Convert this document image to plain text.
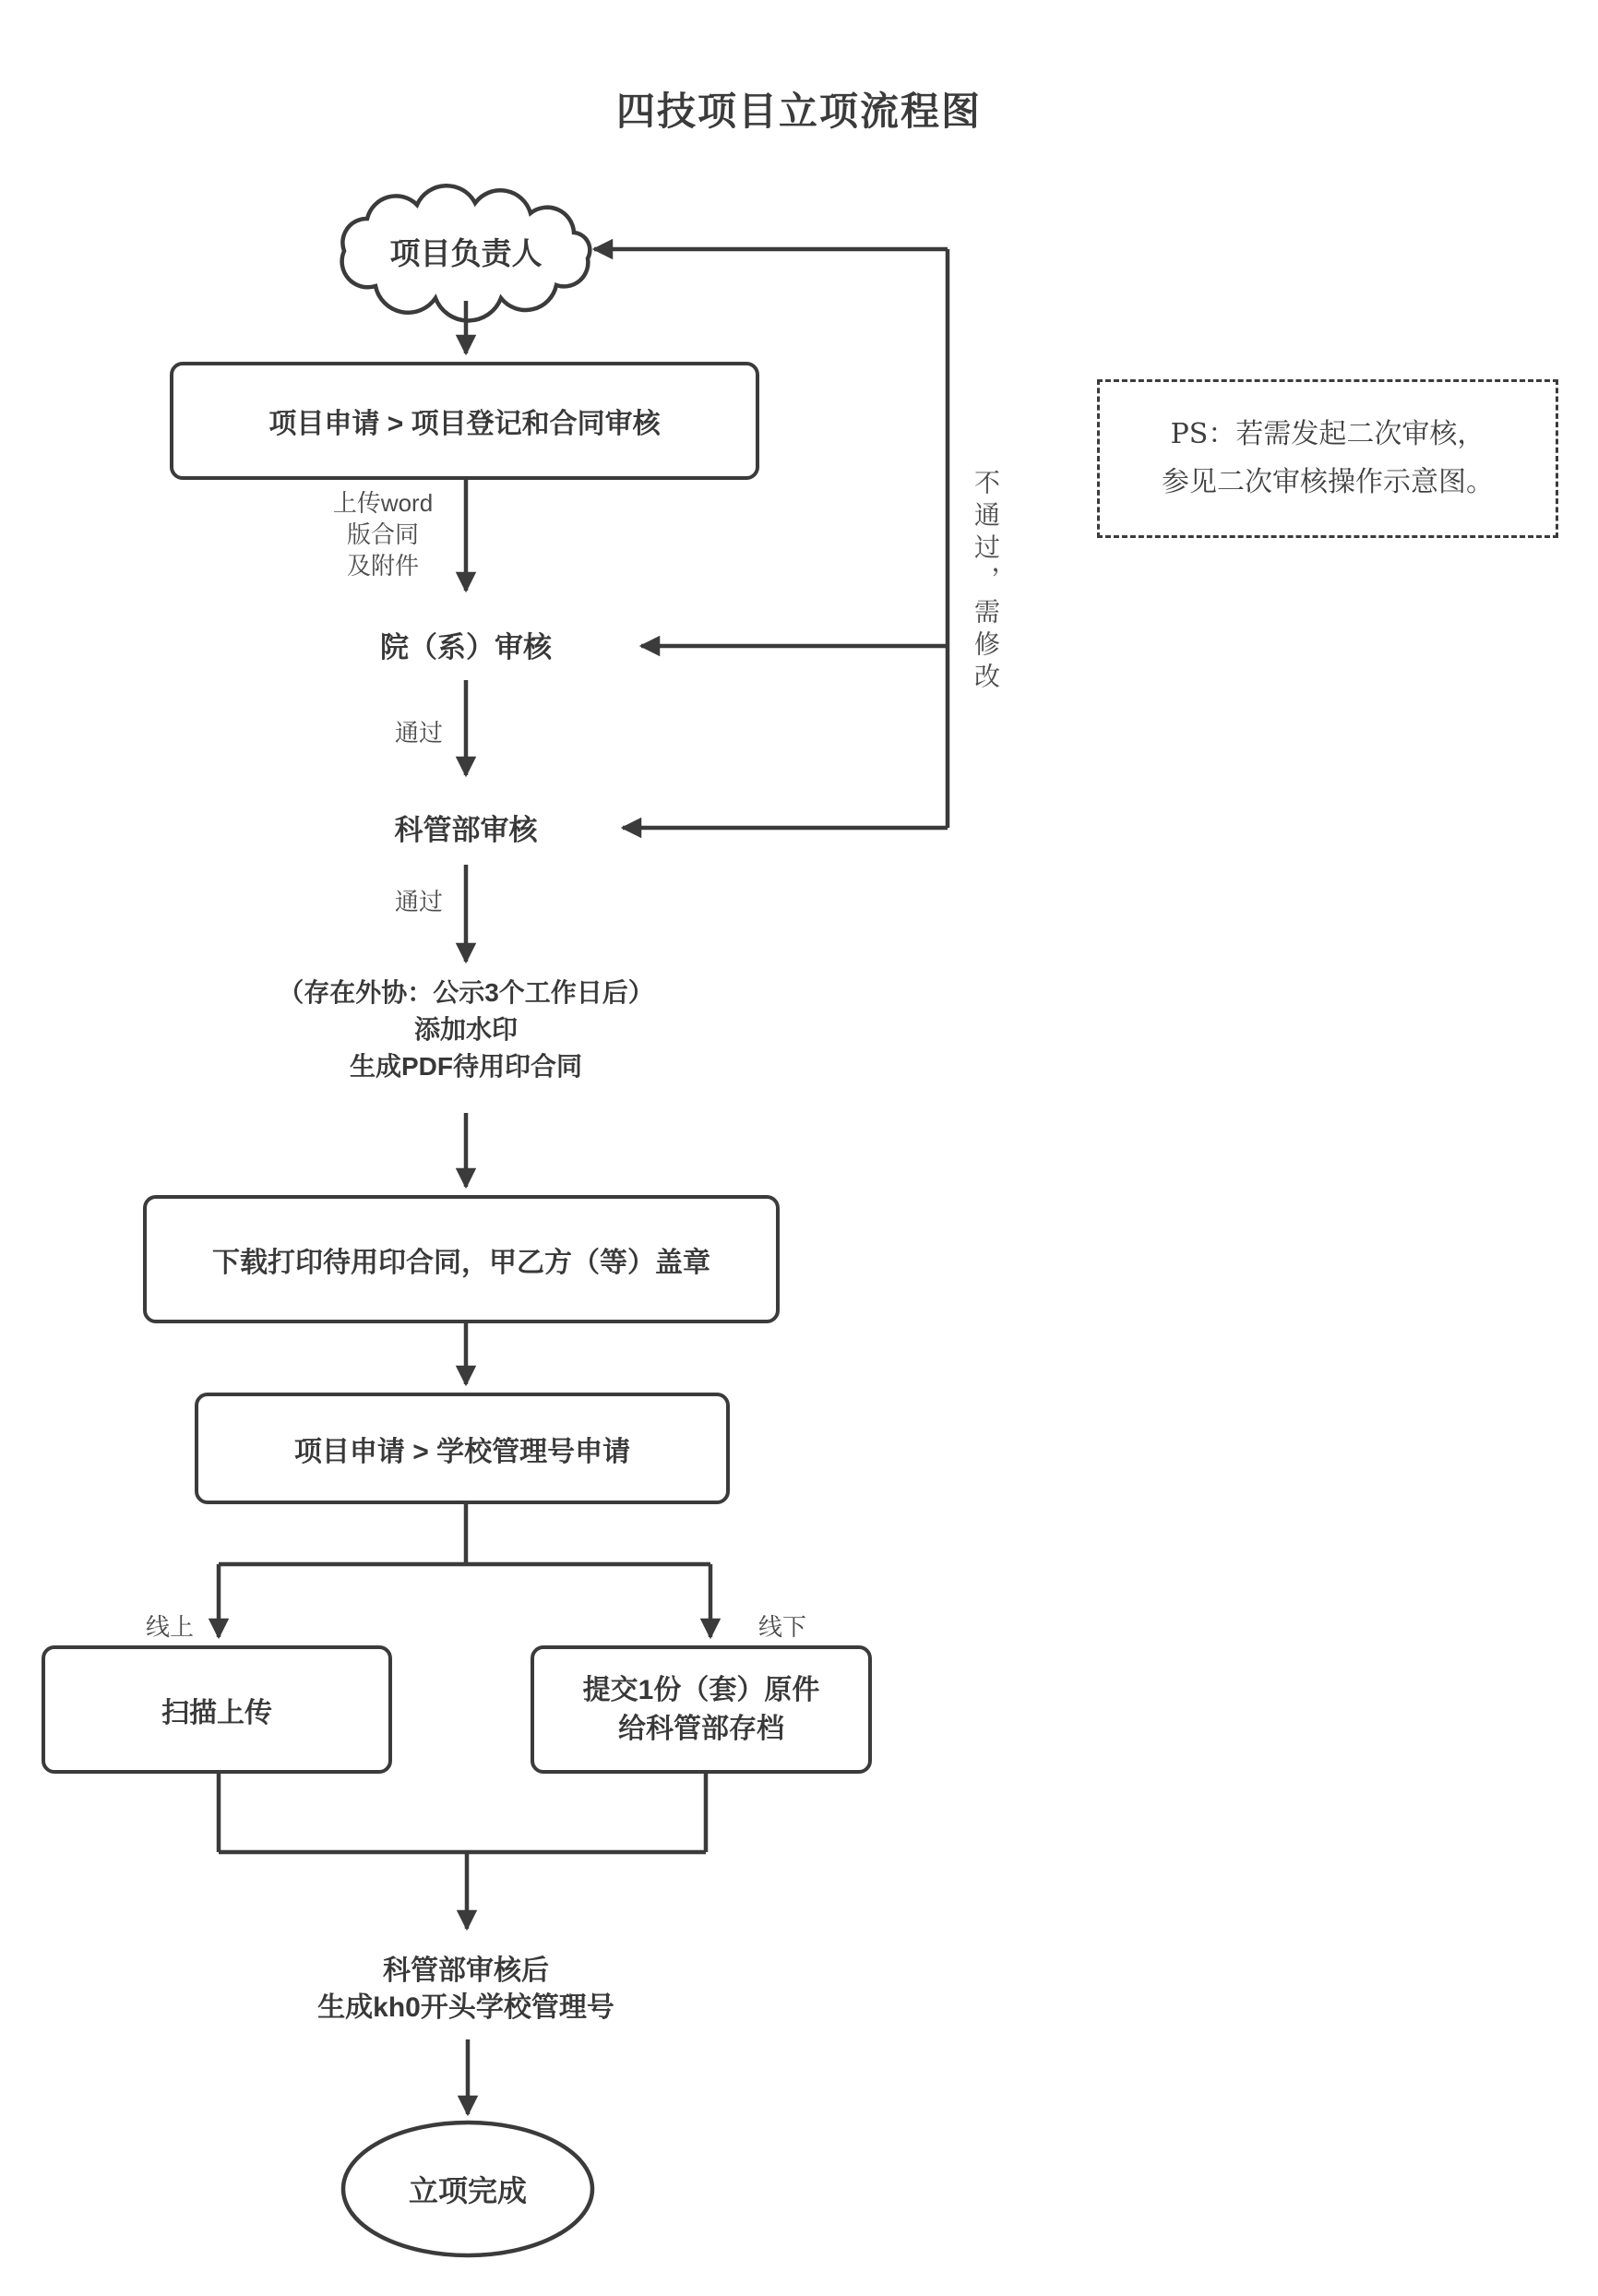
四技项目立项流程图
项目负责人
项目申请 > 项目登记和合同审核
上传word
版合同
及附件
院（系）审核
通过
科管部审核
通过
（存在外协：公示3个工作日后）
添加水印
生成PDF待用印合同
下载打印待用印合同，甲乙方（等）盖章
项目申请 > 学校管理号申请
线上	线下
扫描上传
提交1份（套）原件
给科管部存档
科管部审核后
生成kh0开头学校管理号
立项完成
不通过，需修改
PS：若需发起二次审核，
参见二次审核操作示意图。
